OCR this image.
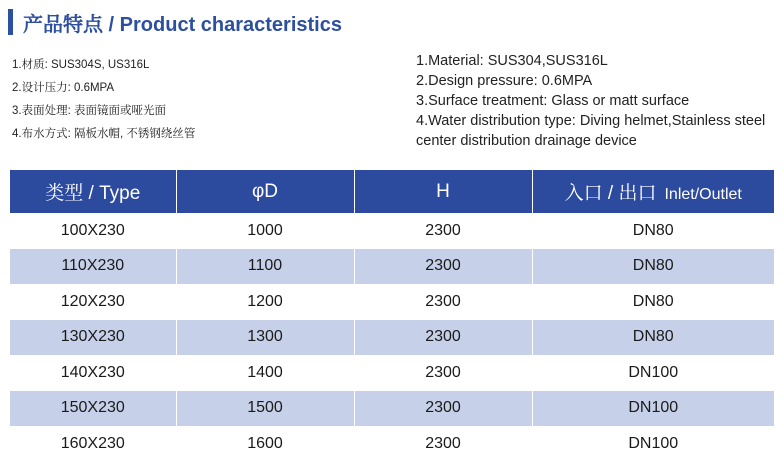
产品特点 / Product characteristics
1.材质: SUS304S, US316L
2.设计压力: 0.6MPA
3.表面处理: 表面镜面或哑光面
4.布水方式: 隔板水帽, 不锈钢绕丝管
1.Material: SUS304,SUS316L
2.Design pressure: 0.6MPA
3.Surface treatment: Glass or matt surface
4.Water distribution type: Diving helmet,Stainless steel center distribution drainage device
类型 / Type	φD	H	入口 / 出口 Inlet/Outlet
100X230	1000	2300	DN80
110X230	1100	2300	DN80
120X230	1200	2300	DN80
130X230	1300	2300	DN80
140X230	1400	2300	DN100
150X230	1500	2300	DN100
160X230	1600	2300	DN100
